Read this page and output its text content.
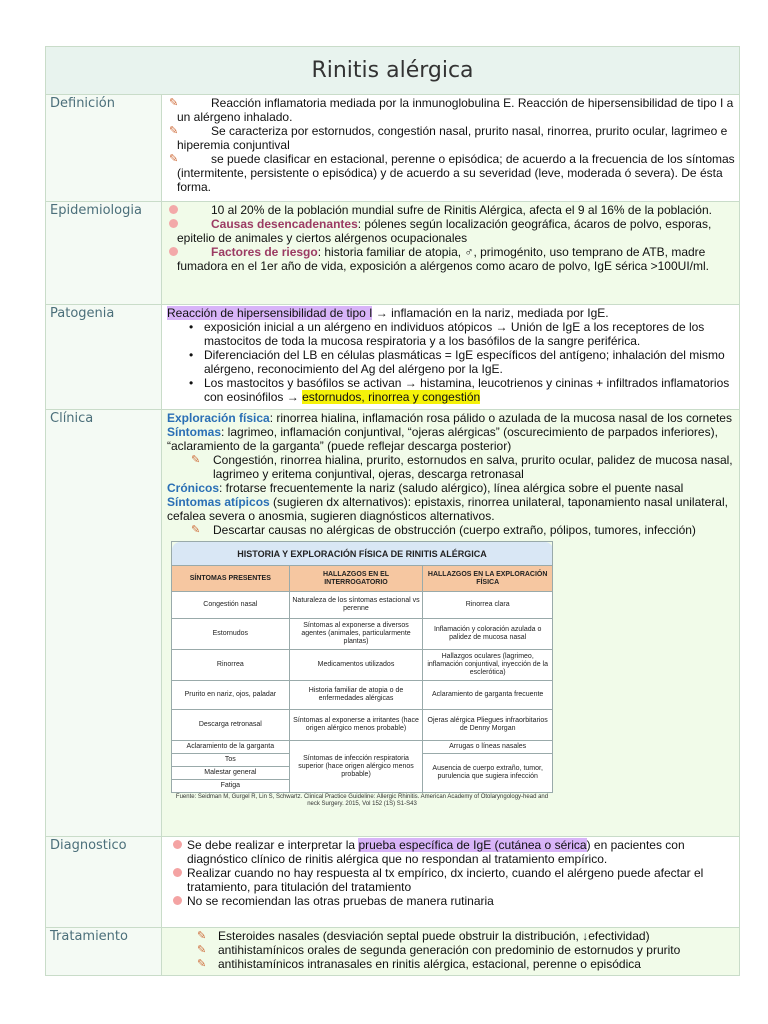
Rinitis alérgica
Definición	✎	Reacción inflamatoria mediada por la inmunoglobulina E. Reacción de hipersensibilidad de tipo I a un alérgeno inhalado.
✎	Se caracteriza por estornudos, congestión nasal, prurito nasal, rinorrea, prurito ocular, lagrimeo e hiperemia conjuntival
✎	se puede clasificar en estacional, perenne o episódica; de acuerdo a la frecuencia de los síntomas (intermitente, persistente o episódica) y de acuerdo a su severidad (leve, moderada ó severa). De ésta forma.
Epidemiologia	10 al 20% de la población mundial sufre de Rinitis Alérgica, afecta el 9 al 16% de la población.
Causas desencadenantes: pólenes según localización geográfica, ácaros de polvo, esporas, epitelio de animales y ciertos alérgenos ocupacionales
Factores de riesgo: historia familiar de atopia, ♂, primogénito, uso temprano de ATB, madre fumadora en el 1er año de vida, exposición a alérgenos como acaro de polvo, IgE sérica >100UI/ml.
Patogenia	Reacción de hipersensibilidad de tipo I → inflamación en la nariz, mediada por IgE.
• exposición inicial a un alérgeno en individuos atópicos → Unión de IgE a los receptores de los mastocitos de toda la mucosa respiratoria y a los basófilos de la sangre periférica.
• Diferenciación del LB en células plasmáticas = IgE específicos del antígeno; inhalación del mismo alérgeno, reconocimiento del Ag del alérgeno por la IgE.
• Los mastocitos y basófilos se activan → histamina, leucotrienos y cininas + infiltrados inflamatorios con eosinófilos → estornudos, rinorrea y congestión
Clínica	Exploración física: rinorrea hialina, inflamación rosa pálido o azulada de la mucosa nasal de los cornetes
Síntomas: lagrimeo, inflamación conjuntival, “ojeras alérgicas” (oscurecimiento de parpados inferiores), “aclaramiento de la garganta” (puede reflejar descarga posterior)
✎ Congestión, rinorrea hialina, prurito, estornudos en salva, prurito ocular, palidez de mucosa nasal, lagrimeo y eritema conjuntival, ojeras, descarga retronasal
Crónicos: frotarse frecuentemente la nariz (saludo alérgico), línea alérgica sobre el puente nasal
Síntomas atípicos (sugieren dx alternativos): epistaxis, rinorrea unilateral, taponamiento nasal unilateral, cefalea severa o anosmia, sugieren diagnósticos alternativos.
✎ Descartar causas no alérgicas de obstrucción (cuerpo extraño, pólipos, tumores, infección)
HISTORIA Y EXPLORACIÓN FÍSICA DE RINITIS ALÉRGICA		
SÍNTOMAS PRESENTES	HALLAZGOS EN EL INTERROGATORIO	HALLAZGOS EN LA EXPLORACIÓN FÍSICA
Congestión nasal	Naturaleza de los síntomas estacional vs perenne	Rinorrea clara
Estornudos	Síntomas al exponerse a diversos agentes (animales, particularmente plantas)	Inflamación y coloración azulada o palidez de mucosa nasal
Rinorrea	Medicamentos utilizados	Hallazgos oculares (lagrimeo, inflamación conjuntival, inyección de la esclerótica)
Prurito en nariz, ojos, paladar	Historia familiar de atopia o de enfermedades alérgicas	Aclaramiento de garganta frecuente
Descarga retronasal	Síntomas al exponerse a irritantes (hace origen alérgico menos probable)	Ojeras alérgica Pliegues infraorbitarios de Denny Morgan
Aclaramiento de la garganta	Síntomas de infección respiratoria superior (hace origen alérgico menos probable)	Arrugas o líneas nasales
Tos		Ausencia de cuerpo extraño, tumor, purulencia que sugiera infección
Malestar general		
Fatiga		
Fuente: Seidman M, Gurgel R, Lin S, Schwartz. Clinical Practice Guideline: Allergic Rhinitis. American Academy of Otolaryngology-head and neck Surgery. 2015, Vol 152 (1S) S1-S43
Diagnostico	Se debe realizar e interpretar la prueba específica de IgE (cutánea o sérica) en pacientes con diagnóstico clínico de rinitis alérgica que no respondan al tratamiento empírico.
Realizar cuando no hay respuesta al tx empírico, dx incierto, cuando el alérgeno puede afectar el tratamiento, para titulación del tratamiento
No se recomiendan las otras pruebas de manera rutinaria
Tratamiento	✎ Esteroides nasales (desviación septal puede obstruir la distribución, ↓efectividad)
✎ antihistamínicos orales de segunda generación con predominio de estornudos y prurito
✎ antihistamínicos intranasales en rinitis alérgica, estacional, perenne o episódica
